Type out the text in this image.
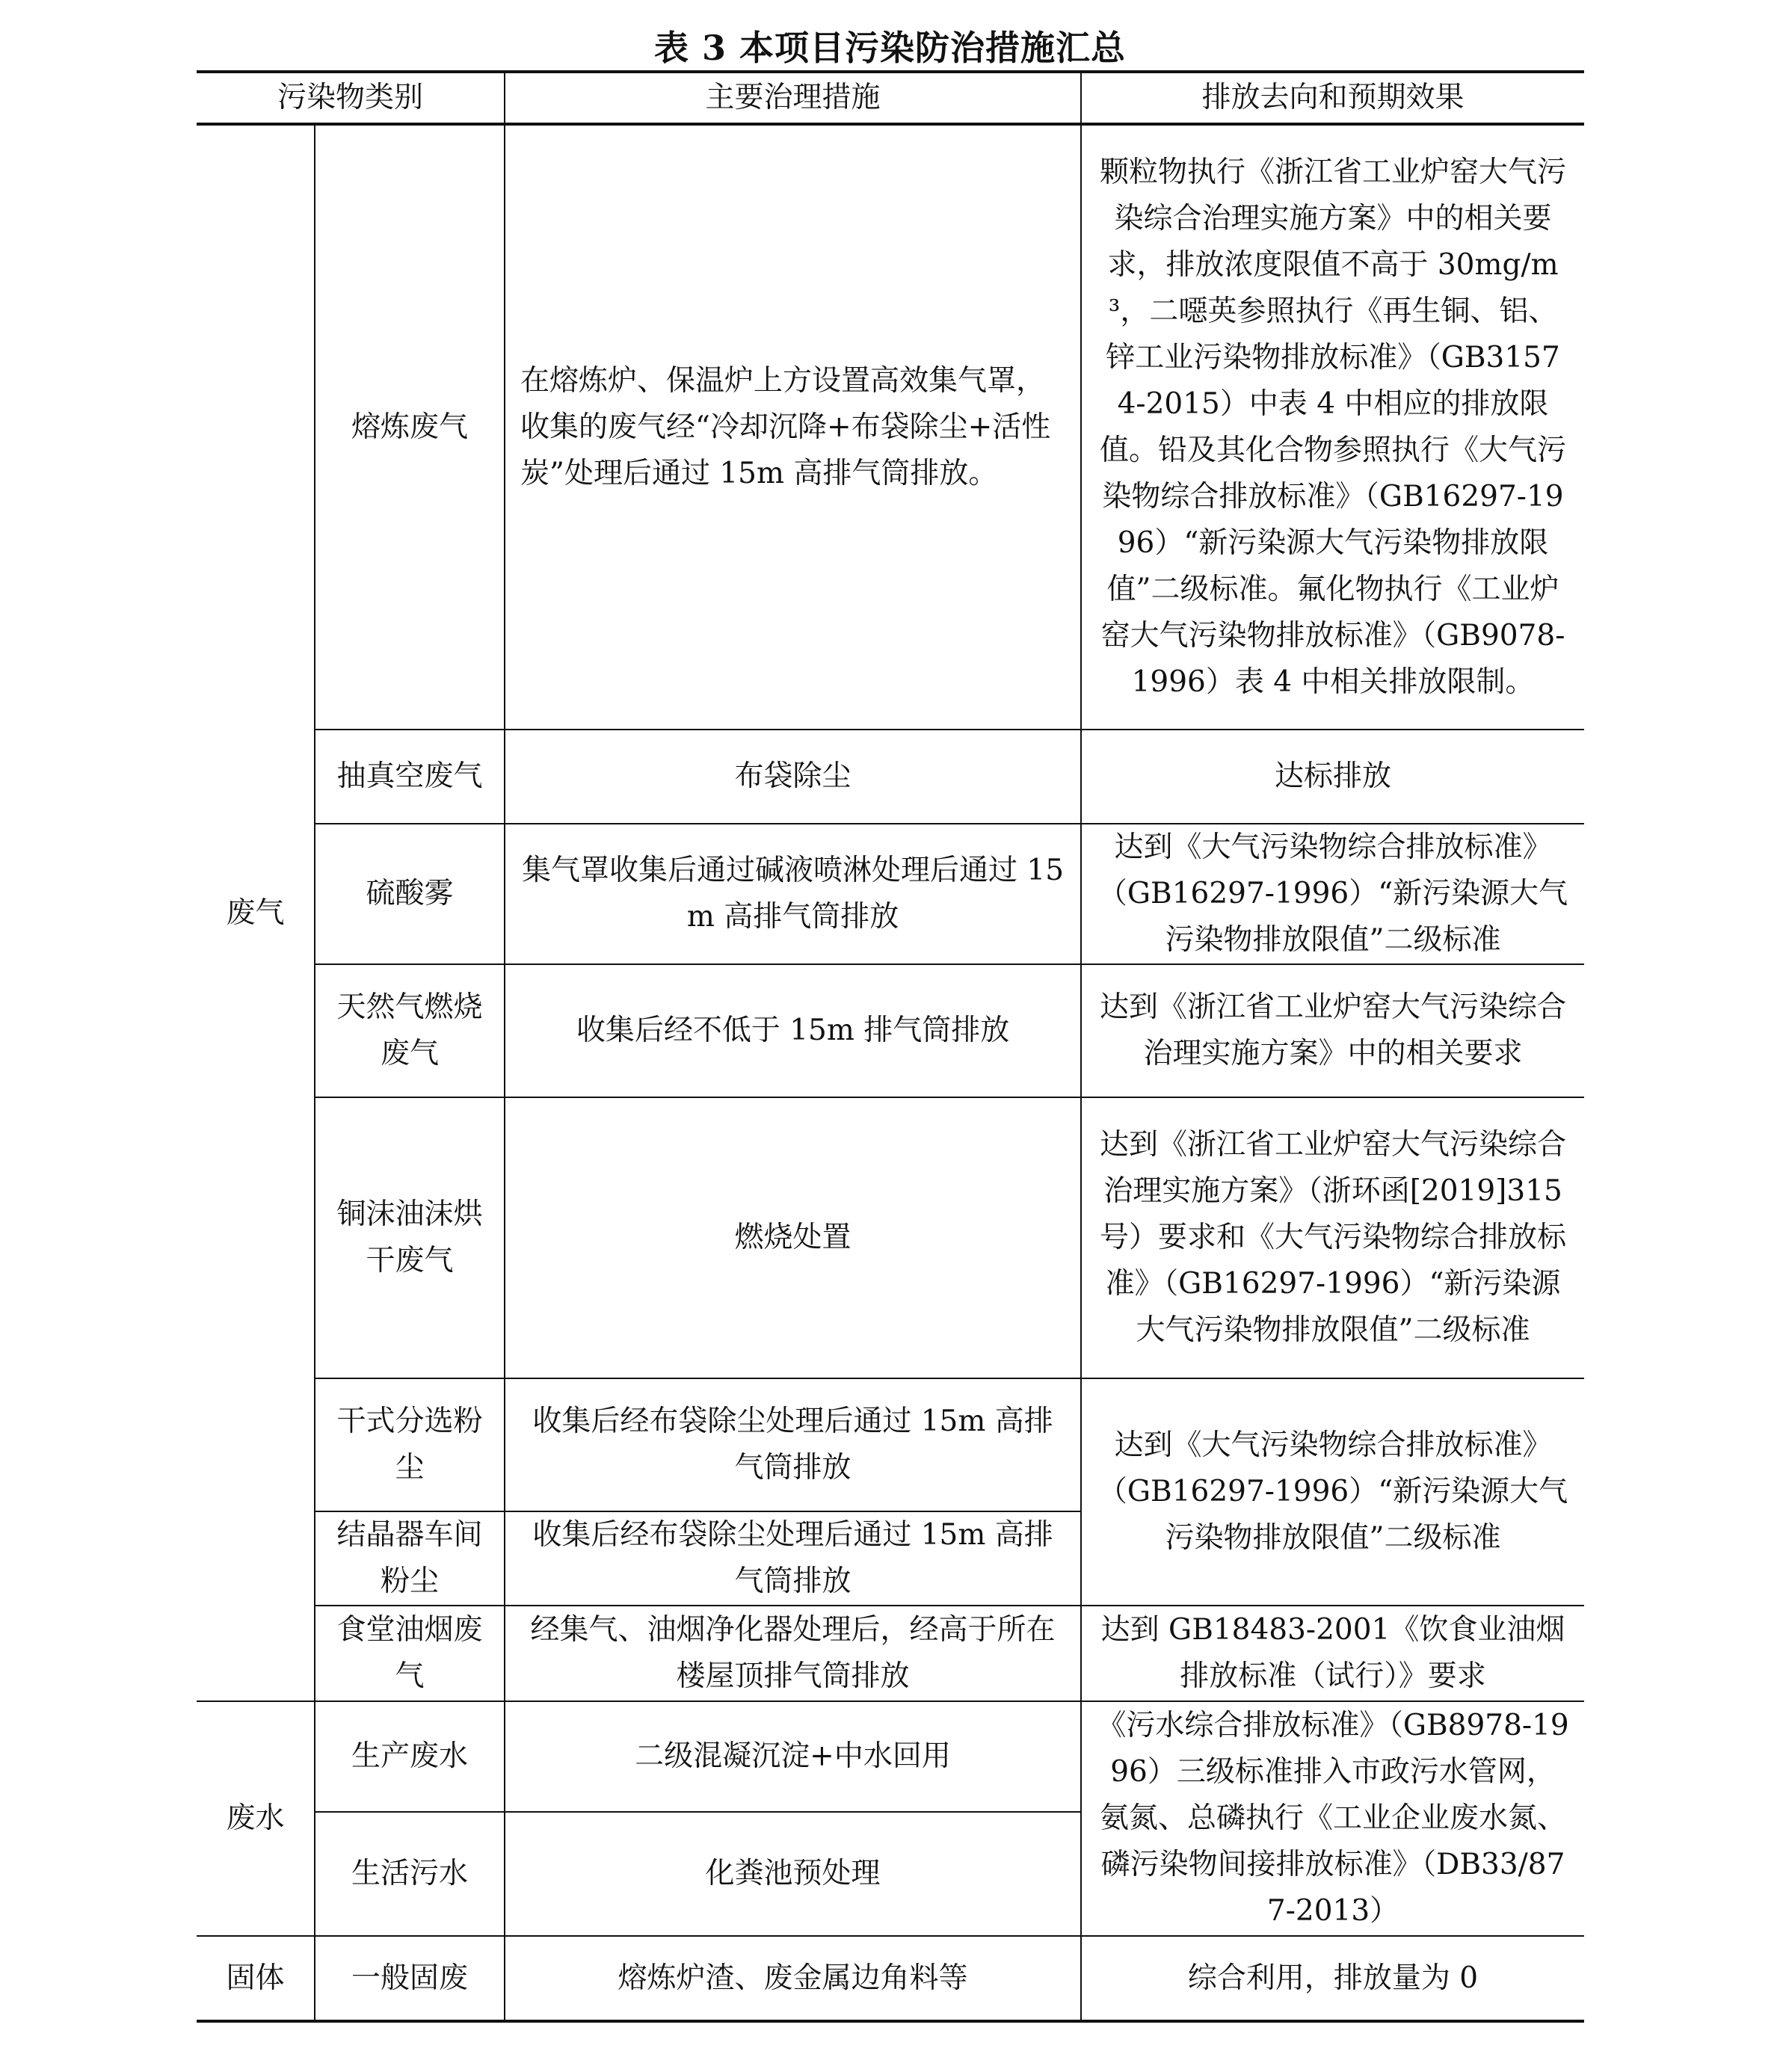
表 3 本项目污染防治措施汇总
污染物类别		主要治理措施	排放去向和预期效果
废气	熔炼废气	在熔炼炉、保温炉上方设置高效集气罩，收集的废气经“冷却沉降+布袋除尘+活性炭”处理后通过 15m 高排气筒排放。	颗粒物执行《浙江省工业炉窑大气污染综合治理实施方案》中的相关要求，排放浓度限值不高于 30mg/m³，二噁英参照执行《再生铜、铝、锌工业污染物排放标准》（GB31574-2015）中表 4 中相应的排放限值。铅及其化合物参照执行《大气污染物综合排放标准》（GB16297-1996）“新污染源大气污染物排放限值”二级标准。氟化物执行《工业炉窑大气污染物排放标准》（GB9078-1996）表 4 中相关排放限制。
	抽真空废气	布袋除尘	达标排放
	硫酸雾	集气罩收集后通过碱液喷淋处理后通过 15m 高排气筒排放	达到《大气污染物综合排放标准》（GB16297-1996）“新污染源大气污染物排放限值”二级标准
	天然气燃烧废气	收集后经不低于 15m 排气筒排放	达到《浙江省工业炉窑大气污染综合治理实施方案》中的相关要求
	铜沫油沫烘干废气	燃烧处置	达到《浙江省工业炉窑大气污染综合治理实施方案》（浙环函[2019]315 号）要求和《大气污染物综合排放标准》（GB16297-1996）“新污染源大气污染物排放限值”二级标准
	干式分选粉尘	收集后经布袋除尘处理后通过 15m 高排气筒排放	达到《大气污染物综合排放标准》（GB16297-1996）“新污染源大气污染物排放限值”二级标准
	结晶器车间粉尘	收集后经布袋除尘处理后通过 15m 高排气筒排放	
	食堂油烟废气	经集气、油烟净化器处理后，经高于所在楼屋顶排气筒排放	达到 GB18483-2001《饮食业油烟排放标准（试行）》要求
废水	生产废水	二级混凝沉淀+中水回用	《污水综合排放标准》（GB8978-1996）三级标准排入市政污水管网，氨氮、总磷执行《工业企业废水氮、磷污染物间接排放标准》（DB33/877-2013）
	生活污水	化粪池预处理	
固体	一般固废	熔炼炉渣、废金属边角料等	综合利用，排放量为 0
